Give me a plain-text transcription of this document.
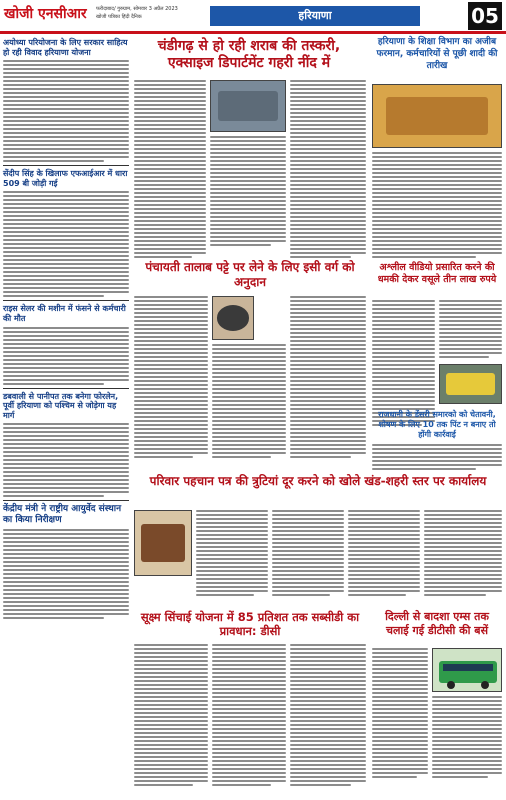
खोजी एनसीआर फरीदाबाद/ गुरुग्राम, सोमवार 3 अप्रैल 2023
खोजी पत्रिका हिंदी दैनिक	हरियाणा	05
अयोध्या परियोजना के लिए सरकार साहित्य हो रही विवाद हरियाणा योजना
सेंदीप सिंह के खिलाफ एफआईआर में धारा 509 बी जोड़ी गई
राइस सेलर की मशीन में फंसने से कर्मचारी की मौत
डबवाली से पानीपत तक बनेगा फोरलेन, पूर्वी हरियाणा को पश्चिम से जोड़ेगा यह मार्ग
केंद्रीय मंत्री ने राष्ट्रीय आयुर्वेद संस्थान का किया निरीक्षण
चंडीगढ़ से हो रही शराब की तस्करी,
एक्साइज डिपार्टमेंट गहरी नींद में
हरियाणा के शिक्षा विभाग का अजीब फरमान, कर्मचारियों से पूछी शादी की तारीख
पंचायती तालाब पट्टे पर लेने के लिए इसी वर्ग को अनुदान
अश्लील वीडियो प्रसारित करने की धमकी देकर वसूले तीन लाख रुपये
राजधानी के डेंसरी समारको को चेतावनी, शोषण के लिए 10 तक पिंट न बनाए तो होंगी कार्रवाई
परिवार पहचान पत्र की त्रुटियां दूर करने को खोले खंड-शहरी स्तर पर कार्यालय
सूक्ष्म सिंचाई योजना में 85 प्रतिशत तक सब्सीडी का प्रावधान: डीसी
दिल्ली से बादशा एम्स तक चलाई गई डीटीसी की बसें
